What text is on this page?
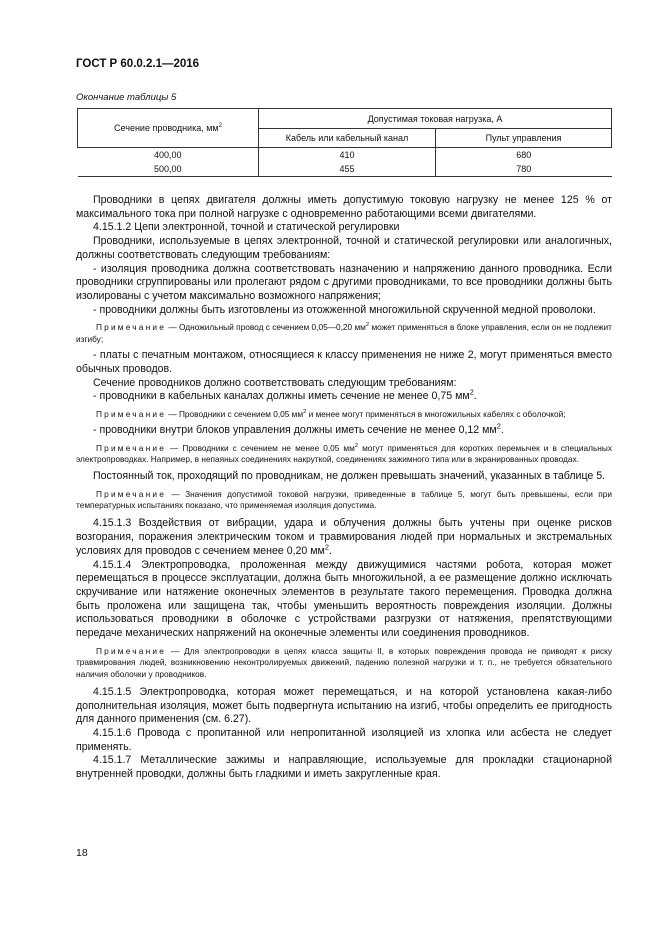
ГОСТ Р 60.0.2.1—2016
Окончание таблицы 5
Сечение проводника, $мм^2$	Допустимая токовая нагрузка, А	
	Кабель или кабельный канал	Пульт управления
400,00	410	680
500,00	455	780

Проводники в цепях двигателя должны иметь допустимую токовую нагрузку не менее 125 % от максимального тока при полной нагрузке с одновременно работающими всеми двигателями.

4.15.1.2 Цепи электронной, точной и статической регулировки

Проводники, используемые в цепях электронной, точной и статической регулировки или аналогичных, должны соответствовать следующим требованиям:

- изоляция проводника должна соответствовать назначению и напряжению данного проводника. Если проводники сгруппированы или пролегают рядом с другими проводниками, то все проводники должны быть изолированы с учетом максимально возможного напряжения;

- проводники должны быть изготовлены из отожженной многожильной скрученной медной проволоки.

Примечание — Одножильный провод с сечением 0,05—0,20 $мм^2$ может применяться в блоке управления, если он не подлежит изгибу;

- платы с печатным монтажом, относящиеся к классу применения не ниже 2, могут применяться вместо обычных проводов.

Сечение проводников должно соответствовать следующим требованиям:

- проводники в кабельных каналах должны иметь сечение не менее 0,75 $мм^2$.

Примечание — Проводники с сечением 0,05 $мм^2$ и менее могут применяться в многожильных кабелях с оболочкой;

- проводники внутри блоков управления должны иметь сечение не менее 0,12 $мм^2$.

Примечание — Проводники с сечением не менее 0,05 $мм^2$ могут применяться для коротких перемычек и в специальных электропроводках. Например, в непаяных соединениях накруткой, соединениях зажимного типа или в экранированных проводах.

Постоянный ток, проходящий по проводникам, не должен превышать значений, указанных в таблице 5.

Примечание — Значения допустимой токовой нагрузки, приведенные в таблице 5, могут быть превышены, если при температурных испытаниях показано, что применяемая изоляция допустима.

4.15.1.3 Воздействия от вибрации, удара и облучения должны быть учтены при оценке рисков возгорания, поражения электрическим током и травмирования людей при нормальных и экстремальных условиях для проводов с сечением менее 0,20 $мм^2$.

4.15.1.4 Электропроводка, проложенная между движущимися частями робота, которая может перемещаться в процессе эксплуатации, должна быть многожильной, а ее размещение должно исключать скручивание или натяжение оконечных элементов в результате такого перемещения. Проводка должна быть проложена или защищена так, чтобы уменьшить вероятность повреждения изоляции. Должны использоваться проводники в оболочке с устройствами разгрузки от натяжения, препятствующими передаче механических напряжений на оконечные элементы или соединения проводников.

Примечание — Для электропроводки в цепях класса защиты II, в которых повреждения провода не приводят к риску травмирования людей, возникновению неконтролируемых движений, падению полезной нагрузки и т. п., не требуется обязательного наличия оболочки у проводников.

4.15.1.5 Электропроводка, которая может перемещаться, и на которой установлена какая-либо дополнительная изоляция, может быть подвергнута испытанию на изгиб, чтобы определить ее пригодность для данного применения (см. 6.27).

4.15.1.6 Провода с пропитанной или непропитанной изоляцией из хлопка или асбеста не следует применять.

4.15.1.7 Металлические зажимы и направляющие, используемые для прокладки стационарной внутренней проводки, должны быть гладкими и иметь закругленные края.

18
